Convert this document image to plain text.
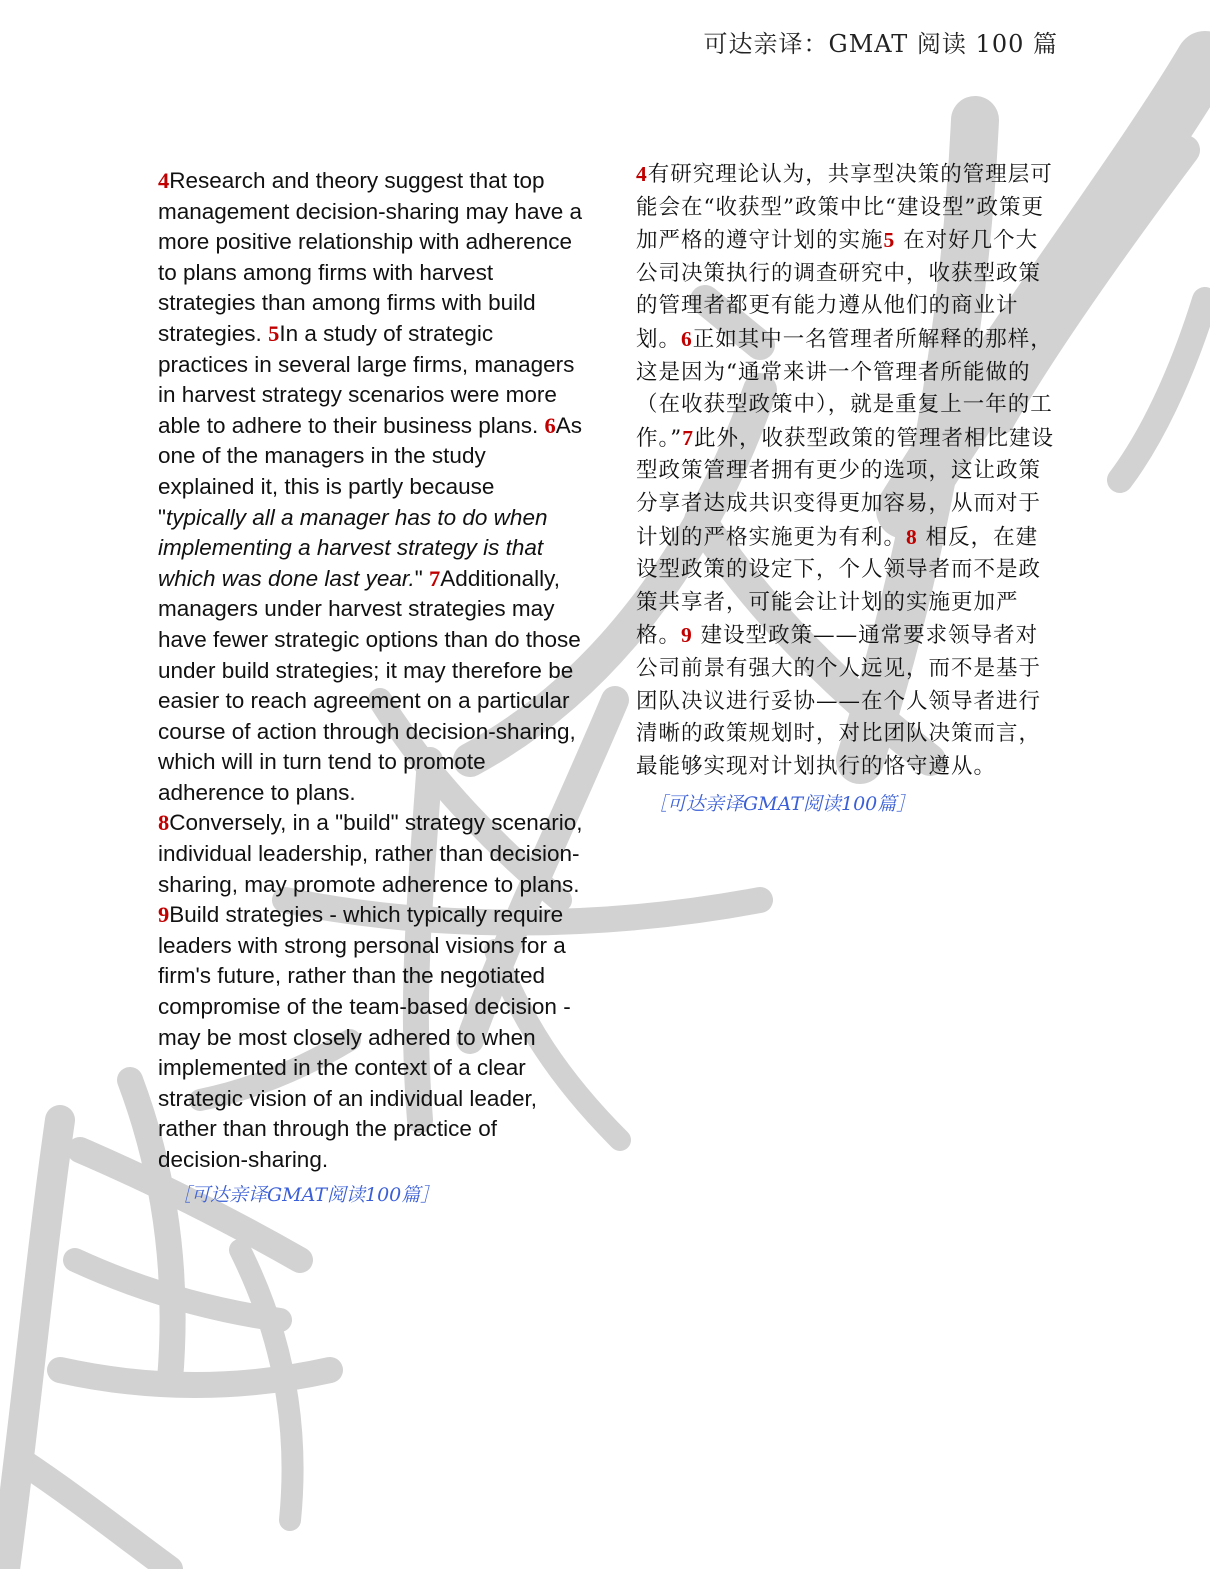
可达亲译：GMAT 阅读 100 篇
4Research and theory suggest that top management decision-sharing may have a more positive relationship with adherence to plans among firms with harvest strategies than among firms with build strategies. 5In a study of strategic practices in several large firms, managers in harvest strategy scenarios were more able to adhere to their business plans. 6As one of the managers in the study explained it, this is partly because "typically all a manager has to do when implementing a harvest strategy is that which was done last year." 7Additionally, managers under harvest strategies may have fewer strategic options than do those under build strategies; it may therefore be easier to reach agreement on a particular course of action through decision-sharing, which will in turn tend to promote adherence to plans.
8Conversely, in a "build" strategy scenario, individual leadership, rather than decision-sharing, may promote adherence to plans. 9Build strategies - which typically require leaders with strong personal visions for a firm's future, rather than the negotiated compromise of the team-based decision - may be most closely adhered to when implemented in the context of a clear strategic vision of an individual leader, rather than through the practice of decision-sharing.
［可达亲译GMAT阅读100篇］
4有研究理论认为，共享型决策的管理层可能会在“收获型”政策中比“建设型”政策更加严格的遵守计划的实施5 在对好几个大公司决策执行的调查研究中，收获型政策的管理者都更有能力遵从他们的商业计划。6正如其中一名管理者所解释的那样，这是因为“通常来讲一个管理者所能做的（在收获型政策中），就是重复上一年的工作。”7此外，收获型政策的管理者相比建设型政策管理者拥有更少的选项，这让政策分享者达成共识变得更加容易，从而对于计划的严格实施更为有利。8 相反，在建设型政策的设定下，个人领导者而不是政策共享者，可能会让计划的实施更加严格。9 建设型政策——通常要求领导者对公司前景有强大的个人远见，而不是基于团队决议进行妥协——在个人领导者进行清晰的政策规划时，对比团队决策而言，最能够实现对计划执行的恪守遵从。
［可达亲译GMAT阅读100篇］
